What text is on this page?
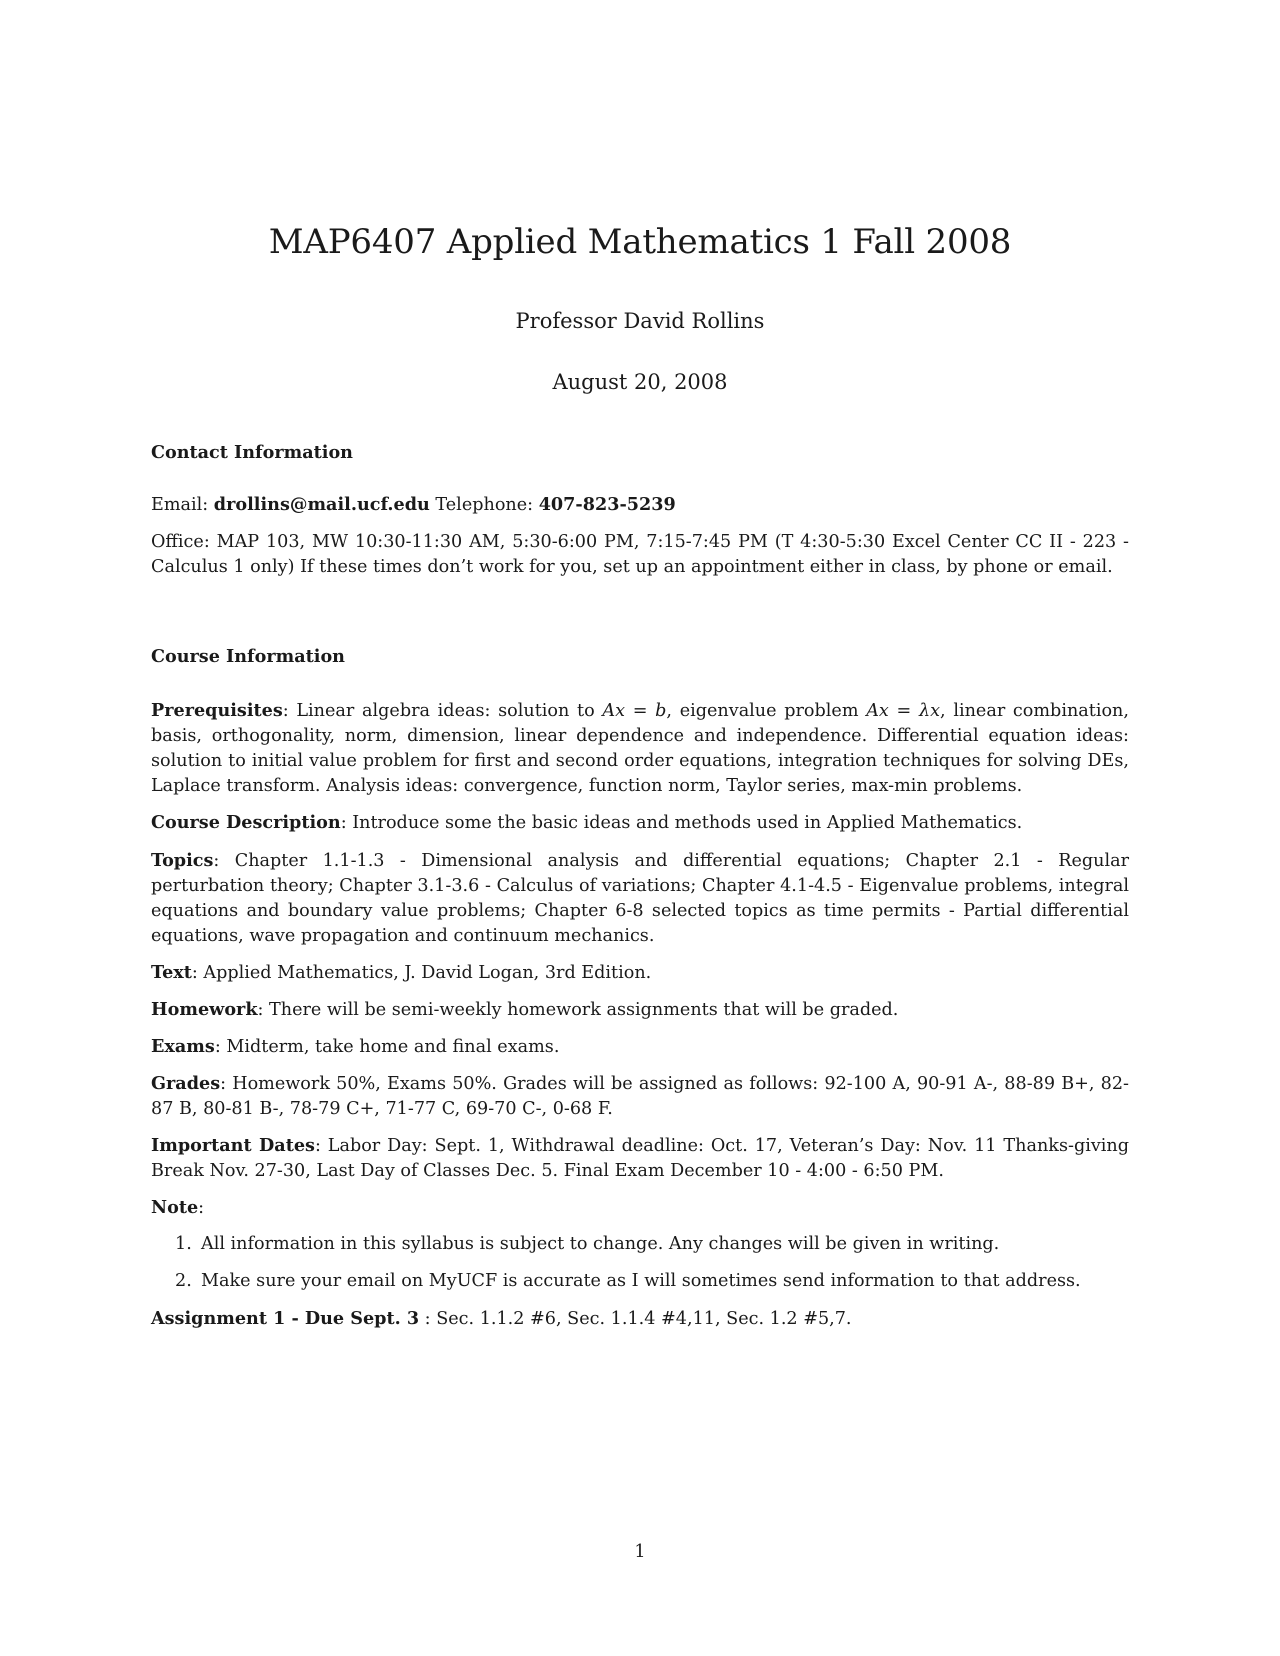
MAP6407 Applied Mathematics 1 Fall 2008
Professor David Rollins
August 20, 2008
Contact Information
Email: drollins@mail.ucf.edu Telephone: 407-823-5239
Office: MAP 103, MW 10:30-11:30 AM, 5:30-6:00 PM, 7:15-7:45 PM (T 4:30-5:30 Excel Center CC II - 223 - Calculus 1 only) If these times don’t work for you, set up an appointment either in class, by phone or email.
Course Information
Prerequisites: Linear algebra ideas: solution to Ax = b, eigenvalue problem Ax = λx, linear combination, basis, orthogonality, norm, dimension, linear dependence and independence. Differential equation ideas: solution to initial value problem for first and second order equations, integration techniques for solving DEs, Laplace transform. Analysis ideas: convergence, function norm, Taylor series, max-min problems.
Course Description: Introduce some the basic ideas and methods used in Applied Mathematics.
Topics: Chapter 1.1-1.3 - Dimensional analysis and differential equations; Chapter 2.1 - Regular perturbation theory; Chapter 3.1-3.6 - Calculus of variations; Chapter 4.1-4.5 - Eigenvalue problems, integral equations and boundary value problems; Chapter 6-8 selected topics as time permits - Partial differential equations, wave propagation and continuum mechanics.
Text: Applied Mathematics, J. David Logan, 3rd Edition.
Homework: There will be semi-weekly homework assignments that will be graded.
Exams: Midterm, take home and final exams.
Grades: Homework 50%, Exams 50%. Grades will be assigned as follows: 92-100 A, 90-91 A-, 88-89 B+, 82-87 B, 80-81 B-, 78-79 C+, 71-77 C, 69-70 C-, 0-68 F.
Important Dates: Labor Day: Sept. 1, Withdrawal deadline: Oct. 17, Veteran’s Day: Nov. 11 Thanks-giving Break Nov. 27-30, Last Day of Classes Dec. 5. Final Exam December 10 - 4:00 - 6:50 PM.
Note:
1. All information in this syllabus is subject to change. Any changes will be given in writing.
2. Make sure your email on MyUCF is accurate as I will sometimes send information to that address.
Assignment 1 - Due Sept. 3 : Sec. 1.1.2 #6, Sec. 1.1.4 #4,11, Sec. 1.2 #5,7.
1
